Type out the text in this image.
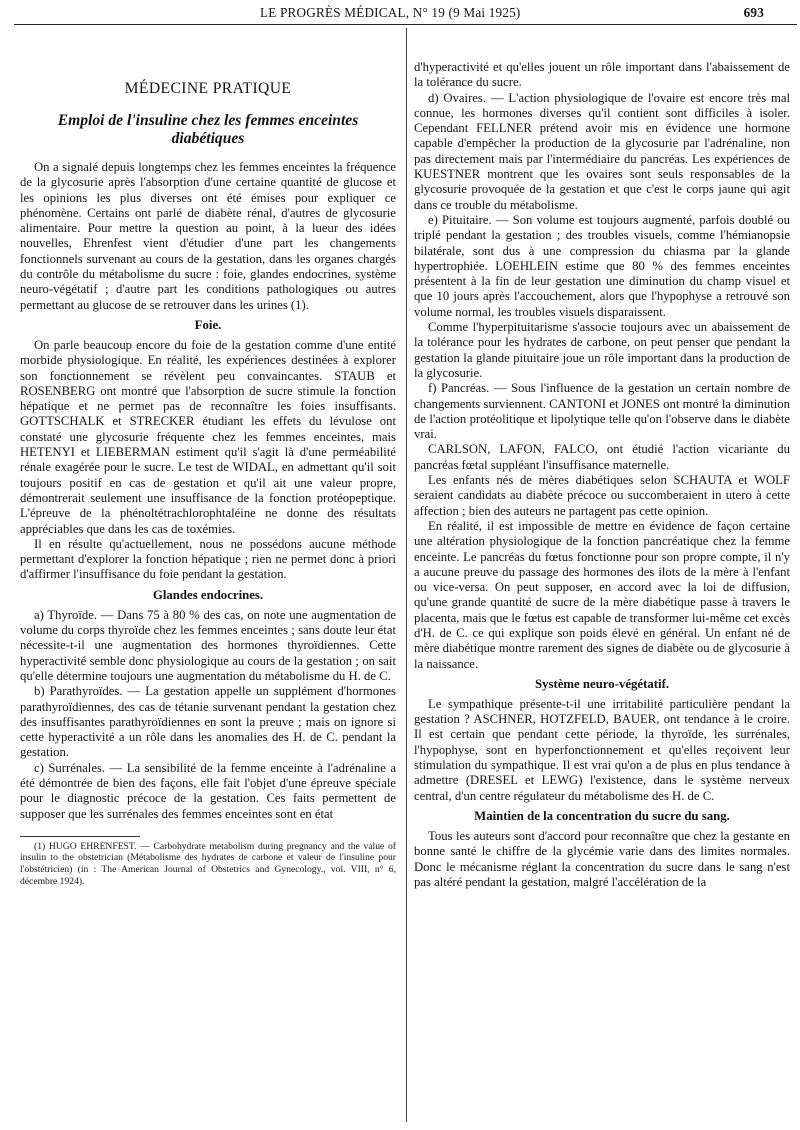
LE PROGRÈS MÉDICAL, N° 19 (9 Mai 1925)	693
MÉDECINE PRATIQUE
Emploi de l'insuline chez les femmes enceintes diabétiques

On a signalé depuis longtemps chez les femmes enceintes la fréquence de la glycosurie après l'absorption d'une certaine quantité de glucose et les opinions les plus diverses ont été émises pour expliquer ce phénomène. Certains ont parlé de diabète rénal, d'autres de glycosurie alimentaire. Pour mettre la question au point, à la lueur des idées nouvelles, Ehrenfest vient d'étudier d'une part les changements fonctionnels survenant au cours de la gestation, dans les organes chargés du contrôle du métabolisme du sucre : foie, glandes endocrines, système neuro-végétatif ; d'autre part les conditions pathologiques ou autres permettant au glucose de se retrouver dans les urines (1).

Foie.

On parle beaucoup encore du foie de la gestation comme d'une entité morbide physiologique. En réalité, les expériences destinées à explorer son fonctionnement se révèlent peu convaincantes. STAUB et ROSENBERG ont montré que l'absorption de sucre stimule la fonction hépatique et ne permet pas de reconnaître les foies insuffisants. GOTTSCHALK et STRECKER étudiant les effets du lévulose ont constaté une glycosurie fréquente chez les femmes enceintes, mais HETENYI et LIEBERMAN estiment qu'il s'agit là d'une perméabilité rénale exagérée pour le sucre. Le test de WIDAL, en admettant qu'il soit toujours positif en cas de gestation et qu'il ait une valeur propre, démontrerait seulement une insuffisance de la fonction protéopeptique. L'épreuve de la phénoltétrachlorophtaléine ne donne des résultats appréciables que dans les cas de toxémies.

Il en résulte qu'actuellement, nous ne possédons aucune méthode permettant d'explorer la fonction hépatique ; rien ne permet donc à priori d'affirmer l'insuffisance du foie pendant la gestation.

Glandes endocrines.

a) Thyroïde. — Dans 75 à 80 % des cas, on note une augmentation de volume du corps thyroïde chez les femmes enceintes ; sans doute leur état nécessite-t-il une augmentation des hormones thyroïdiennes. Cette hyperactivité semble donc physiologique au cours de la gestation ; on sait qu'elle détermine toujours une augmentation du métabolisme du H. de C.

b) Parathyroïdes. — La gestation appelle un supplément d'hormones parathyroïdiennes, des cas de tétanie survenant pendant la gestation chez des insuffisantes parathyroïdiennes en sont la preuve ; mais on ignore si cette hyperactivité a un rôle dans les anomalies des H. de C. pendant la gestation.

c) Surrénales. — La sensibilité de la femme enceinte à l'adrénaline a été démontrée de bien des façons, elle fait l'objet d'une épreuve spéciale pour le diagnostic précoce de la gestation. Ces faits permettent de supposer que les surrénales des femmes enceintes sont en état

(1) HUGO EHRENFEST. — Carbohydrate metabolism during pregnancy and the value of insulin to the obstetrician (Métabolisme des hydrates de carbone et valeur de l'insuline pour l'obstétricien) (in : The American Journal of Obstetrics and Gynecology., vol. VIII, n° 6, décembre 1924).

d'hyperactivité et qu'elles jouent un rôle important dans l'abaissement de la tolérance du sucre.

d) Ovaires. — L'action physiologique de l'ovaire est encore très mal connue, les hormones diverses qu'il contient sont difficiles à isoler. Cependant FELLNER prétend avoir mis en évidence une hormone capable d'empêcher la production de la glycosurie par l'adrénaline, non pas directement mais par l'intermédiaire du pancréas. Les expériences de KUESTNER montrent que les ovaires sont seuls responsables de la glycosurie provoquée de la gestation et que c'est le corps jaune qui agit dans ce trouble du métabolisme.

e) Pituitaire. — Son volume est toujours augmenté, parfois doublé ou triplé pendant la gestation ; des troubles visuels, comme l'hémianopsie bilatérale, sont dus à une compression du chiasma par la glande hypertrophiée. LOEHLEIN estime que 80 % des femmes enceintes présentent à la fin de leur gestation une diminution du champ visuel et que 10 jours après l'accouchement, alors que l'hypophyse a retrouvé son volume normal, les troubles visuels disparaissent.

Comme l'hyperpituitarisme s'associe toujours avec un abaissement de la tolérance pour les hydrates de carbone, on peut penser que pendant la gestation la glande pituitaire joue un rôle important dans la production de la glycosurie.

f) Pancréas. — Sous l'influence de la gestation un certain nombre de changements surviennent. CANTONI et JONES ont montré la diminution de l'action protéolitique et lipolytique telle qu'on l'observe dans le diabète vrai.

CARLSON, LAFON, FALCO, ont étudié l'action vicariante du pancréas fœtal suppléant l'insuffisance maternelle.

Les enfants nés de mères diabétiques selon SCHAUTA et WOLF seraient candidats au diabète précoce ou succomberaient in utero à cette affection ; bien des auteurs ne partagent pas cette opinion.

En réalité, il est impossible de mettre en évidence de façon certaine une altération physiologique de la fonction pancréatique chez la femme enceinte. Le pancréas du fœtus fonctionne pour son propre compte, il n'y a aucune preuve du passage des hormones des ilots de la mère à l'enfant ou vice-versa. On peut supposer, en accord avec la loi de diffusion, qu'une grande quantité de sucre de la mère diabétique passe à travers le placenta, mais que le fœtus est capable de transformer lui-même cet excès d'H. de C. ce qui explique son poids élevé en général. Un enfant né de mère diabétique montre rarement des signes de diabète ou de glycosurie à la naissance.

Système neuro-végétatif.

Le sympathique présente-t-il une irritabilité particulière pendant la gestation ? ASCHNER, HOTZFELD, BAUER, ont tendance à le croire. Il est certain que pendant cette période, la thyroïde, les surrénales, l'hypophyse, sont en hyperfonctionnement et qu'elles reçoivent leur stimulation du sympathique. Il est vrai qu'on a de plus en plus tendance à admettre (DRESEL et LEWG) l'existence, dans le système nerveux central, d'un centre régulateur du métabolisme des H. de C.

Maintien de la concentration du sucre du sang.

Tous les auteurs sont d'accord pour reconnaître que chez la gestante en bonne santé le chiffre de la glycémie varie dans des limites normales. Donc le mécanisme réglant la concentration du sucre dans le sang n'est pas altéré pendant la gestation, malgré l'accélération de la
